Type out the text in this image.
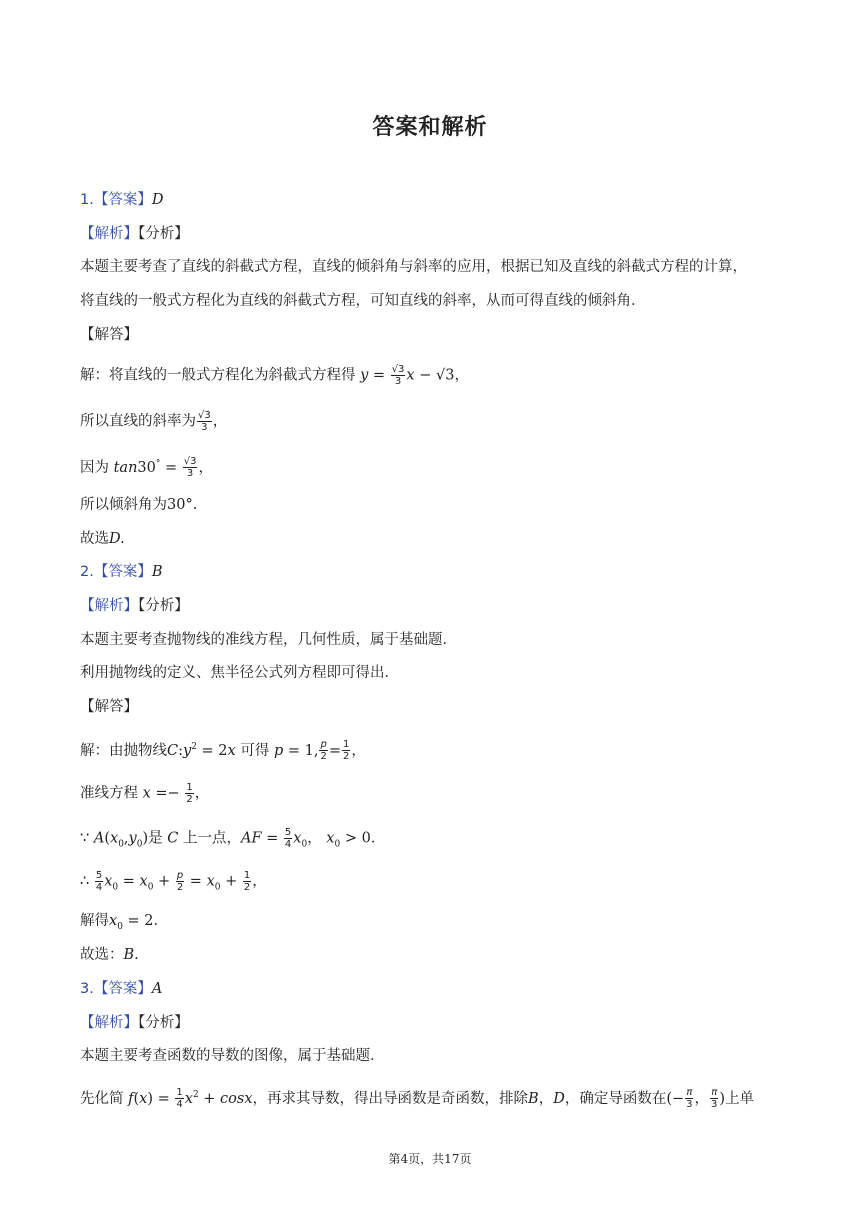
答案和解析
1.【答案】D
【解析】【分析】
本题主要考查了直线的斜截式方程，直线的倾斜角与斜率的应用，根据已知及直线的斜截式方程的计算，
将直线的一般式方程化为直线的斜截式方程，可知直线的斜率，从而可得直线的倾斜角．
【解答】
解：将直线的一般式方程化为斜截式方程得 $y = \frac{√3}{3}$ x − √3，
所以直线的斜率为 $\frac{√3}{3}$ ，
因为 $\tan 30^\circ = \frac{√3}{3}$ ，
所以倾斜角为30°.
故选D.
2.【答案】B
【解析】【分析】
本题主要考查抛物线的准线方程，几何性质，属于基础题．
利用抛物线的定义、焦半径公式列方程即可得出．
【解答】
解：由抛物线$C:y^2 = 2x$ 可得 p = 1, $\frac{p}{2} = \frac{1}{2}$ ，
准线方程 $x =- \frac{1}{2}$ ，
∵ $A(x_0,y_0)$是 C 上一点，AF = $\frac{5}{4} x_0$， $x_0 > 0$．
∴ $\frac{5}{4} x_0 = x_0 + \frac{p}{2} = x_0 + \frac{1}{2}$ ，
解得$x_0 = 2$．
故选：B.
3.【答案】A
【解析】【分析】
本题主要考查函数的导数的图像，属于基础题．
先化简 $f(x) = \frac{1}{4} x^2 + \cos x$，再求其导数，得出导函数是奇函数，排除B，D，确定导函数在(− $\frac{\pi}{3}$ ， $\frac{\pi}{3}$ )上单
第4页，共17页
